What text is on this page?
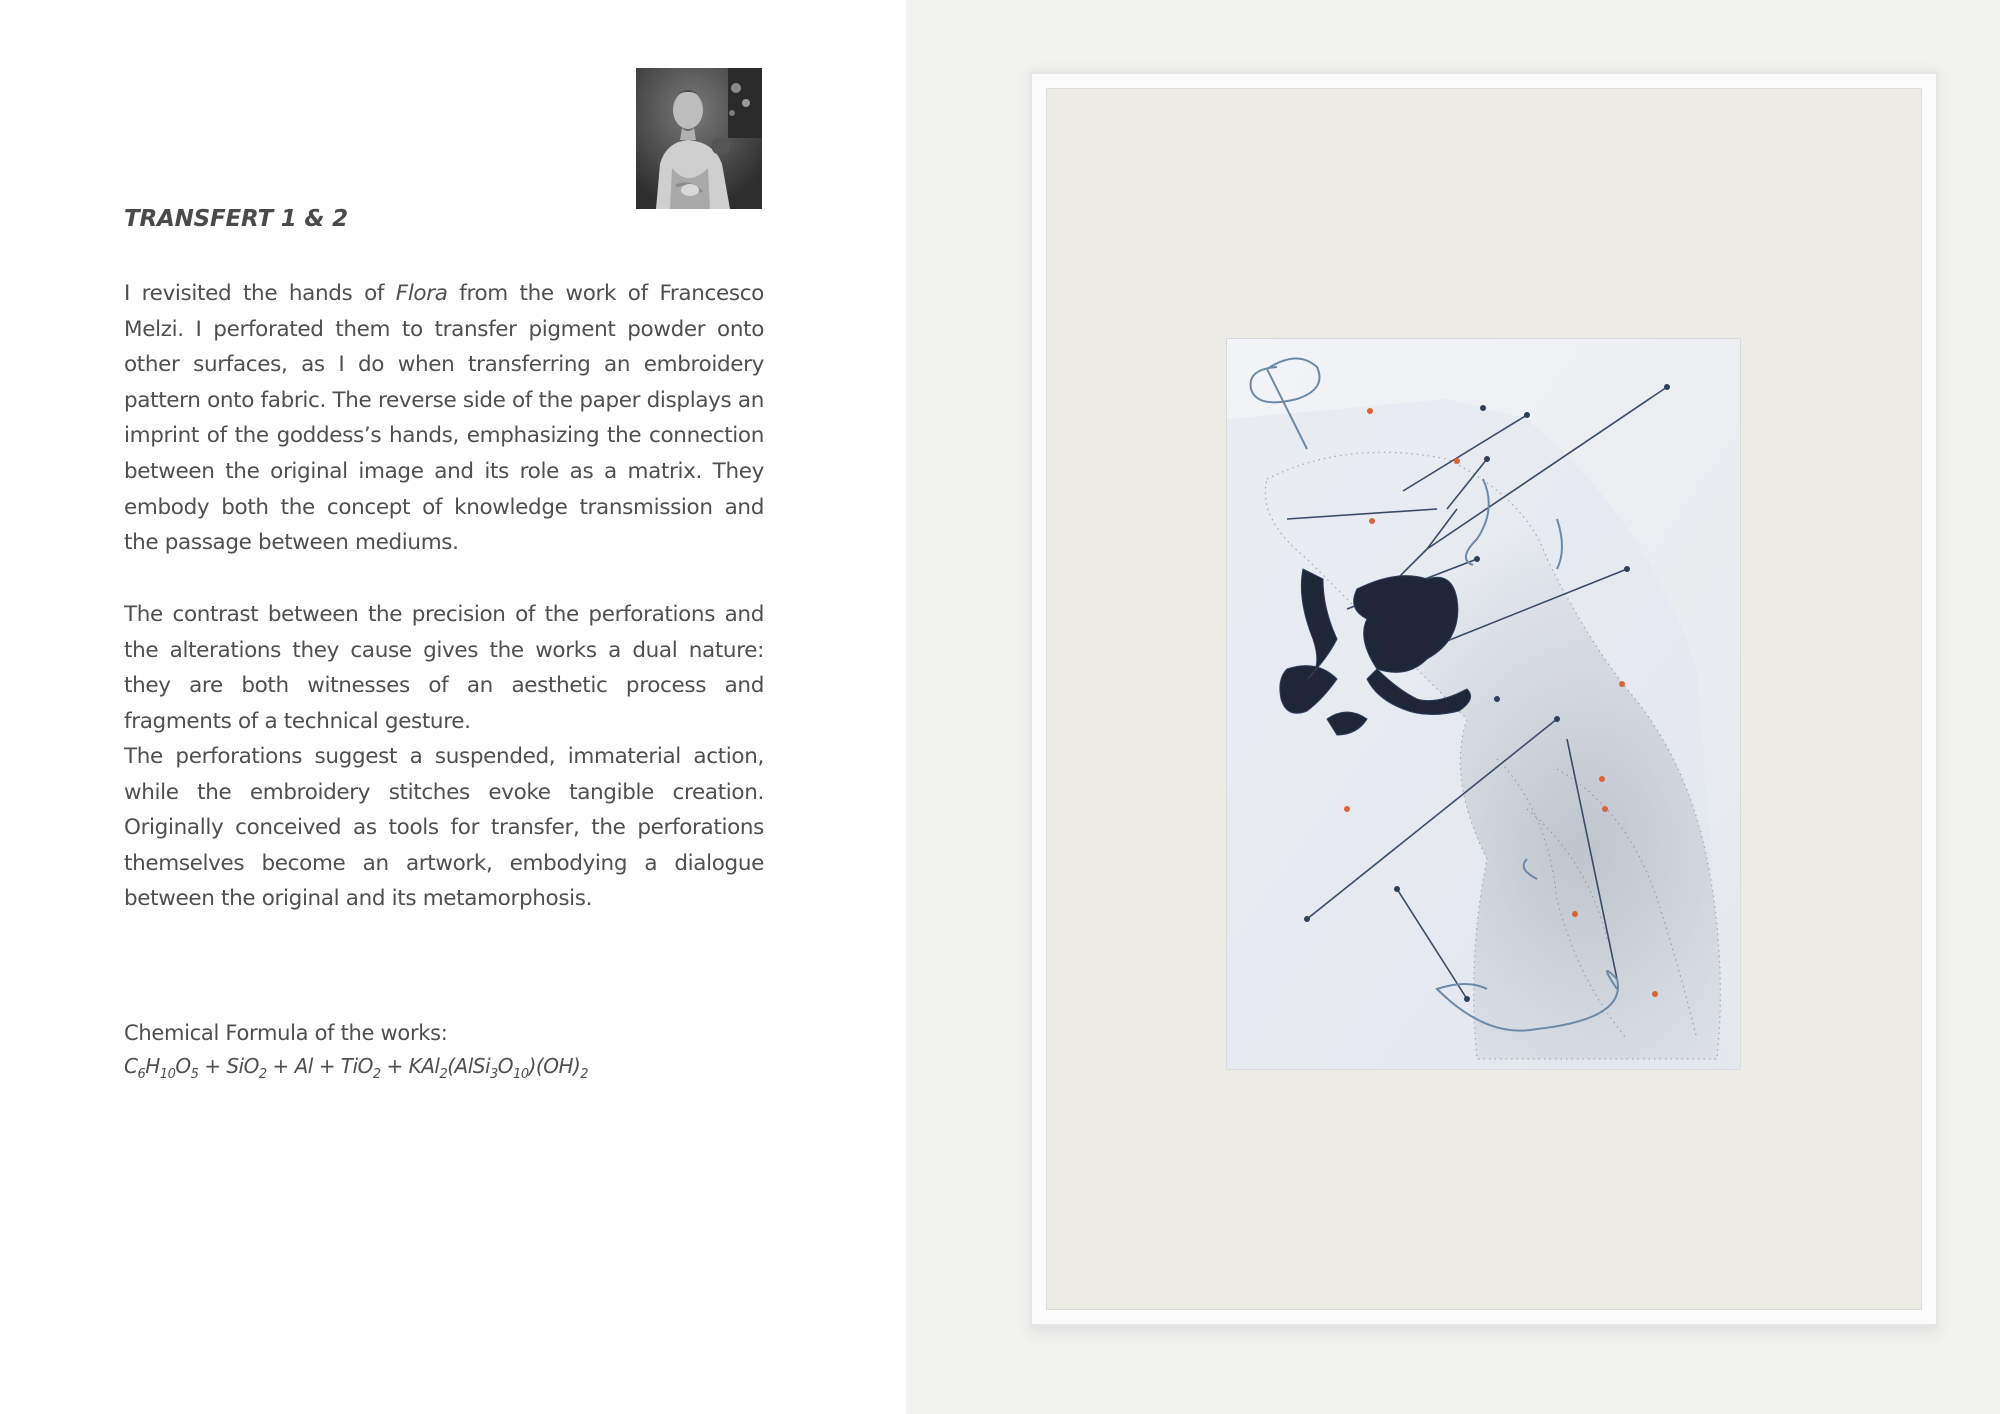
TRANSFERT 1 & 2

I revisited the hands of Flora from the work of Francesco Melzi. I perforated them to transfer pigment powder onto other surfaces, as I do when transferring an embroidery pattern onto fabric. The reverse side of the paper displays an imprint of the goddess’s hands, emphasizing the connection between the original image and its role as a matrix. They embody both the concept of knowledge transmission and the passage between mediums.

The contrast between the precision of the perforations and the alterations they cause gives the works a dual nature: they are both witnesses of an aesthetic process and fragments of a technical gesture.

The perforations suggest a suspended, immaterial action, while the embroidery stitches evoke tangible creation. Originally conceived as tools for transfer, the perforations themselves become an artwork, embodying a dialogue between the original and its metamorphosis.

Chemical Formula of the works:
$C_6H_{10}O_5 + SiO_2 + Al + TiO_2$ + $KAl_2(AlSi_3O_{10})(OH)_2$
